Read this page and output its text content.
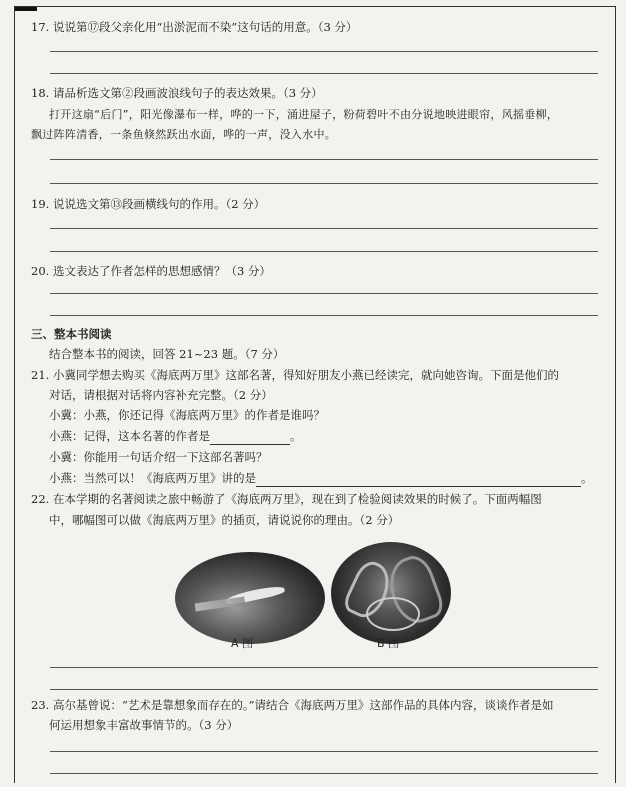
17. 说说第⑰段父亲化用“出淤泥而不染”这句话的用意。（3 分）
18. 请品析选文第②段画波浪线句子的表达效果。（3 分）
打开这扇“后门”，阳光像瀑布一样，哗的一下，涌进屋子，粉荷碧叶不由分说地映进眼帘，风摇垂柳，
飘过阵阵清香，一条鱼倏然跃出水面，哗的一声，没入水中。
19. 说说选文第⑬段画横线句的作用。（2 分）
20. 选文表达了作者怎样的思想感情？（3 分）
三、整本书阅读
结合整本书的阅读，回答 21~23 题。（7 分）
21. 小冀同学想去购买《海底两万里》这部名著，得知好朋友小燕已经读完，就向她咨询。下面是他们的
对话，请根据对话将内容补充完整。（2 分）
小冀：小燕，你还记得《海底两万里》的作者是谁吗？
小燕：记得，这本名著的作者是	。
小冀：你能用一句话介绍一下这部名著吗？
小燕：当然可以！《海底两万里》讲的是	。
22. 在本学期的名著阅读之旅中畅游了《海底两万里》，现在到了检验阅读效果的时候了。下面两幅图
中，哪幅图可以做《海底两万里》的插页，请说说你的理由。（2 分）
A 图	B 图
23. 高尔基曾说：“艺术是靠想象而存在的。”请结合《海底两万里》这部作品的具体内容，谈谈作者是如
何运用想象丰富故事情节的。（3 分）
